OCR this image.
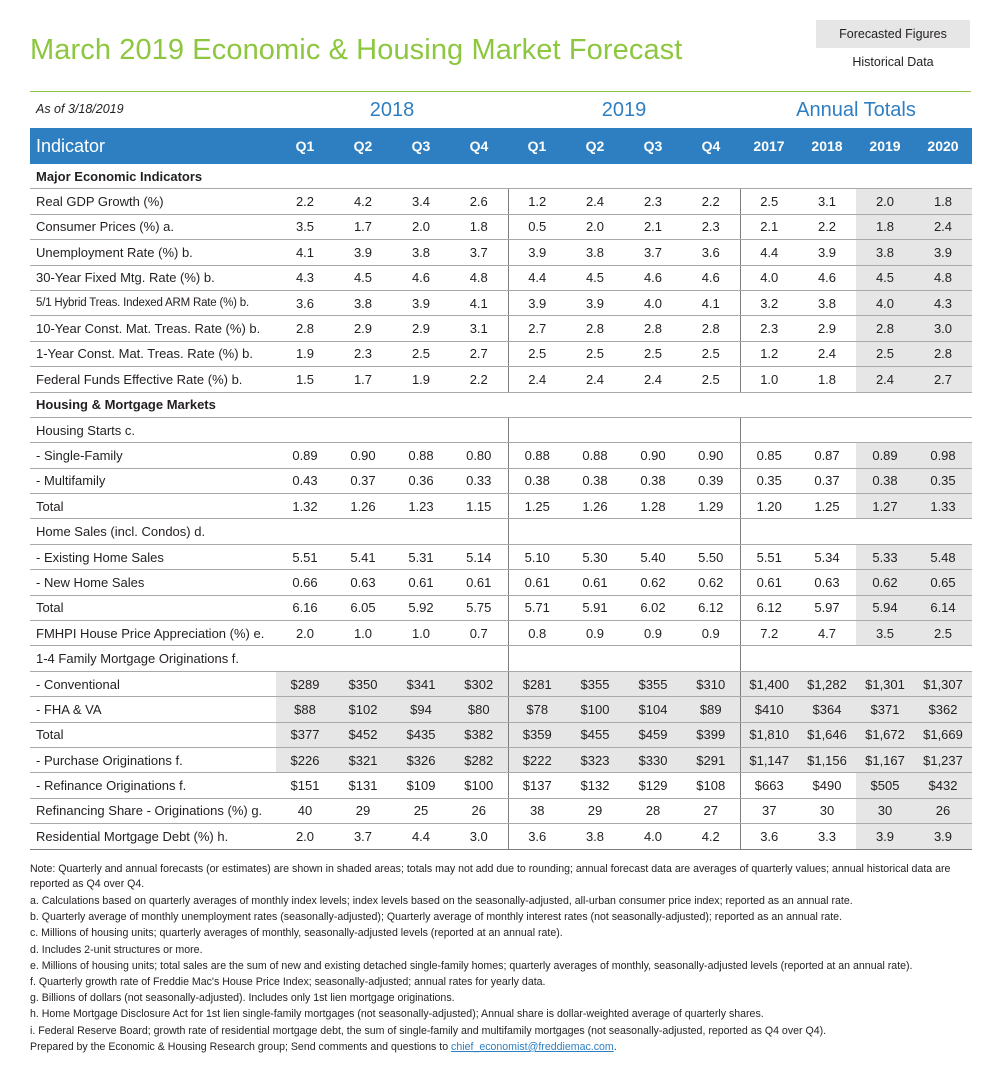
March 2019 Economic & Housing Market Forecast	Forecasted Figures
Historical Data
As of 3/18/2019	2018	2019	Annual Totals
Indicator	Q1	Q2	Q3	Q4	Q1	Q2	Q3	Q4	2017	2018	2019	2020
Major Economic Indicators												
Real GDP Growth (%)	2.2	4.2	3.4	2.6	1.2	2.4	2.3	2.2	2.5	3.1	2.0	1.8
Consumer Prices (%) a.	3.5	1.7	2.0	1.8	0.5	2.0	2.1	2.3	2.1	2.2	1.8	2.4
Unemployment Rate (%) b.	4.1	3.9	3.8	3.7	3.9	3.8	3.7	3.6	4.4	3.9	3.8	3.9
30-Year Fixed Mtg. Rate (%) b.	4.3	4.5	4.6	4.8	4.4	4.5	4.6	4.6	4.0	4.6	4.5	4.8
5/1 Hybrid Treas. Indexed ARM Rate (%) b.	3.6	3.8	3.9	4.1	3.9	3.9	4.0	4.1	3.2	3.8	4.0	4.3
10-Year Const. Mat. Treas. Rate (%) b.	2.8	2.9	2.9	3.1	2.7	2.8	2.8	2.8	2.3	2.9	2.8	3.0
1-Year Const. Mat. Treas. Rate (%) b.	1.9	2.3	2.5	2.7	2.5	2.5	2.5	2.5	1.2	2.4	2.5	2.8
Federal Funds Effective Rate (%) b.	1.5	1.7	1.9	2.2	2.4	2.4	2.4	2.5	1.0	1.8	2.4	2.7
Housing & Mortgage Markets												
Housing Starts c.												
- Single-Family	0.89	0.90	0.88	0.80	0.88	0.88	0.90	0.90	0.85	0.87	0.89	0.98
- Multifamily	0.43	0.37	0.36	0.33	0.38	0.38	0.38	0.39	0.35	0.37	0.38	0.35
Total	1.32	1.26	1.23	1.15	1.25	1.26	1.28	1.29	1.20	1.25	1.27	1.33
Home Sales (incl. Condos) d.												
- Existing Home Sales	5.51	5.41	5.31	5.14	5.10	5.30	5.40	5.50	5.51	5.34	5.33	5.48
- New Home Sales	0.66	0.63	0.61	0.61	0.61	0.61	0.62	0.62	0.61	0.63	0.62	0.65
Total	6.16	6.05	5.92	5.75	5.71	5.91	6.02	6.12	6.12	5.97	5.94	6.14
FMHPI House Price Appreciation (%) e.	2.0	1.0	1.0	0.7	0.8	0.9	0.9	0.9	7.2	4.7	3.5	2.5
1-4 Family Mortgage Originations f.												
- Conventional	$289	$350	$341	$302	$281	$355	$355	$310	$1,400	$1,282	$1,301	$1,307
- FHA & VA	$88	$102	$94	$80	$78	$100	$104	$89	$410	$364	$371	$362
Total	$377	$452	$435	$382	$359	$455	$459	$399	$1,810	$1,646	$1,672	$1,669
- Purchase Originations f.	$226	$321	$326	$282	$222	$323	$330	$291	$1,147	$1,156	$1,167	$1,237
- Refinance Originations f.	$151	$131	$109	$100	$137	$132	$129	$108	$663	$490	$505	$432
Refinancing Share - Originations (%) g.	40	29	25	26	38	29	28	27	37	30	30	26
Residential Mortgage Debt (%) h.	2.0	3.7	4.4	3.0	3.6	3.8	4.0	4.2	3.6	3.3	3.9	3.9
Note: Quarterly and annual forecasts (or estimates) are shown in shaded areas; totals may not add due to rounding; annual forecast data are averages of quarterly values; annual historical data are reported as Q4 over Q4.
a. Calculations based on quarterly averages of monthly index levels; index levels based on the seasonally-adjusted, all-urban consumer price index; reported as an annual rate.
b. Quarterly average of monthly unemployment rates (seasonally-adjusted); Quarterly average of monthly interest rates (not seasonally-adjusted); reported as an annual rate.
c. Millions of housing units; quarterly averages of monthly, seasonally-adjusted levels (reported at an annual rate).
d. Includes 2-unit structures or more.
e. Millions of housing units; total sales are the sum of new and existing detached single-family homes; quarterly averages of monthly, seasonally-adjusted levels (reported at an annual rate).
f. Quarterly growth rate of Freddie Mac's House Price Index; seasonally-adjusted; annual rates for yearly data.
g. Billions of dollars (not seasonally-adjusted). Includes only 1st lien mortgage originations.
h. Home Mortgage Disclosure Act for 1st lien single-family mortgages (not seasonally-adjusted); Annual share is dollar-weighted average of quarterly shares.
i. Federal Reserve Board; growth rate of residential mortgage debt, the sum of single-family and multifamily mortgages (not seasonally-adjusted, reported as Q4 over Q4).
Prepared by the Economic & Housing Research group; Send comments and questions to chief_economist@freddiemac.com.
